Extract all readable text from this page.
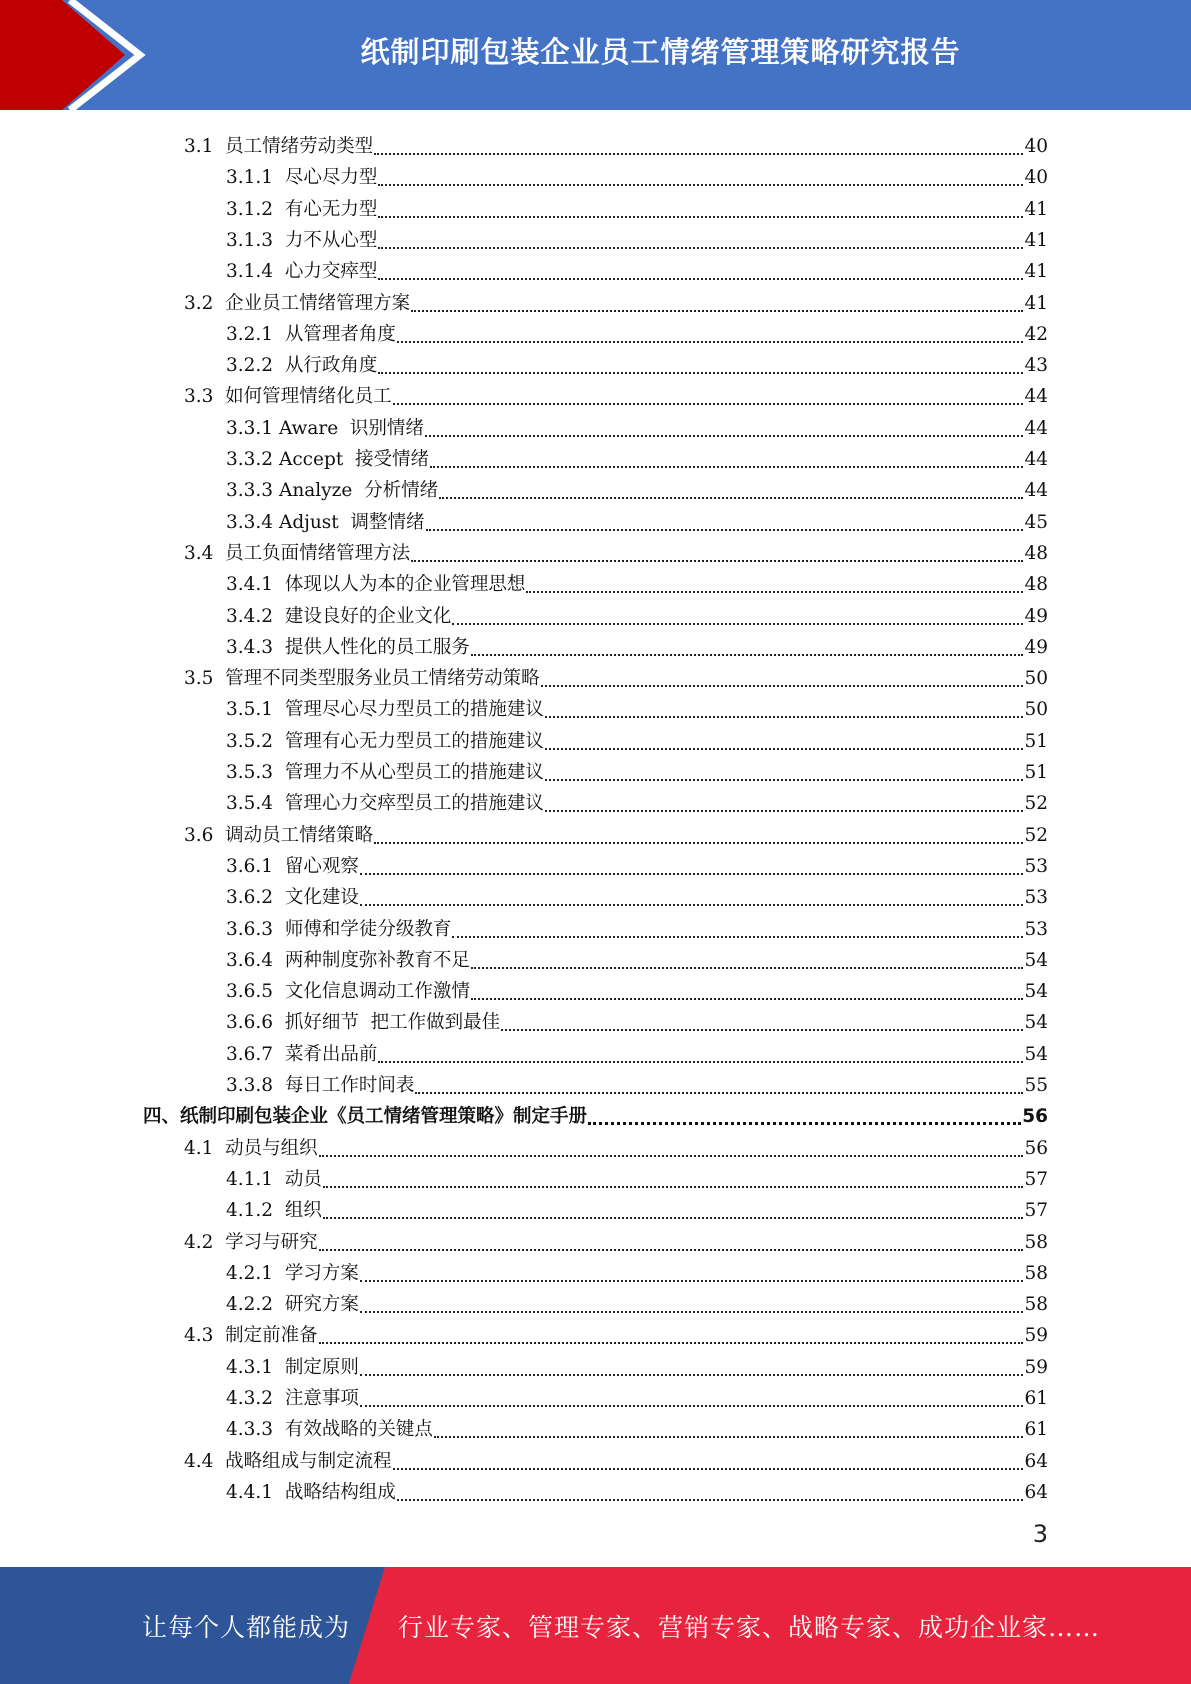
纸制印刷包装企业员工情绪管理策略研究报告
3.1  员工情绪劳动类型	40
3.1.1  尽心尽力型	40
3.1.2  有心无力型	41
3.1.3  力不从心型	41
3.1.4  心力交瘁型	41
3.2  企业员工情绪管理方案	41
3.2.1  从管理者角度	42
3.2.2  从行政角度	43
3.3  如何管理情绪化员工	44
3.3.1 Aware  识别情绪	44
3.3.2 Accept  接受情绪	44
3.3.3 Analyze  分析情绪	44
3.3.4 Adjust  调整情绪	45
3.4  员工负面情绪管理方法	48
3.4.1  体现以人为本的企业管理思想	48
3.4.2  建设良好的企业文化	49
3.4.3  提供人性化的员工服务	49
3.5  管理不同类型服务业员工情绪劳动策略	50
3.5.1  管理尽心尽力型员工的措施建议	50
3.5.2  管理有心无力型员工的措施建议	51
3.5.3  管理力不从心型员工的措施建议	51
3.5.4  管理心力交瘁型员工的措施建议	52
3.6  调动员工情绪策略	52
3.6.1  留心观察	53
3.6.2  文化建设	53
3.6.3  师傅和学徒分级教育	53
3.6.4  两种制度弥补教育不足	54
3.6.5  文化信息调动工作激情	54
3.6.6  抓好细节  把工作做到最佳	54
3.6.7  菜肴出品前	54
3.3.8  每日工作时间表	55
四、纸制印刷包装企业《员工情绪管理策略》制定手册	56
4.1  动员与组织	56
4.1.1  动员	57
4.1.2  组织	57
4.2  学习与研究	58
4.2.1  学习方案	58
4.2.2  研究方案	58
4.3  制定前准备	59
4.3.1  制定原则	59
4.3.2  注意事项	61
4.3.3  有效战略的关键点	61
4.4  战略组成与制定流程	64
4.4.1  战略结构组成	64
3
让每个人都能成为 行业专家、管理专家、营销专家、战略专家、成功企业家……
